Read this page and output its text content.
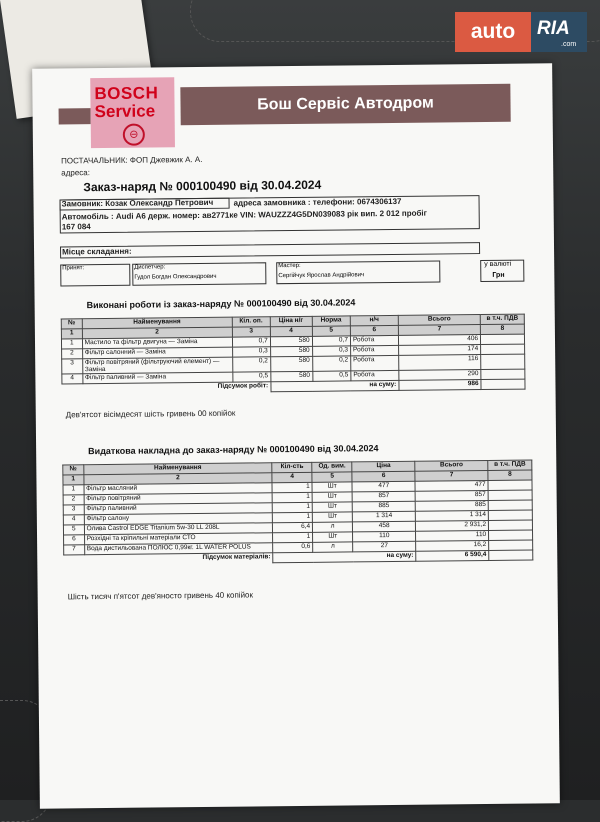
auto	RIA
.com
BOSCH
Service
⊖
Бош Сервіс Автодром
ПОСТАЧАЛЬНИК: ФОП Джевжик А. А.
адреса:
Заказ-наряд № 000100490 від 30.04.2024
Замовник: Козак Олександр Петрович	адреса замовника : телефони: 0674306137
Автомобіль : Audi A6 держ. номер: ав2771ке VIN: WAUZZZ4G5DN039083 рік вип. 2 012 пробіг
167 084
Місце складання:
Принят:	Диспетчер:
Гудол Богдан Олександрович
Мастер:
Сергійчук Ярослав Андрійович
у валюті
Грн
Виконані роботи із заказ-наряду № 000100490 від 30.04.2024
№	Найменування	Кіл. оп.	Ціна н/г	Норма	н/ч	Всього	в т.ч. ПДВ
1	2	3	4	5	6	7	8
1	Мастило та фільтр двигуна — Заміна	0,7	580	0,7	Робота	406	
2	Фільтр салонний — Заміна	0,3	580	0,3	Робота	174	
3	Фільтр повітряний (фільтруючий елемент) — Заміна	0,2	580	0,2	Робота	116	
4	Фільтр паливний — Заміна	0,5	580	0,5	Робота	290	
Підсумок робіт:			на суму:			986	
Дев'ятсот вісімдесят шість гривень 00 копійок
Видаткова накладна до заказ-наряду № 000100490 від 30.04.2024
№	Найменування	Кіл-сть	Од. вим.	Ціна	Всього	в т.ч. ПДВ
1	2	4	5	6	7	8
1	Фільтр масляний	1	Шт	477	477	
2	Фільтр повітряний	1	Шт	857	857	
3	Фільтр паливний	1	Шт	885	885	
4	Фільтр салону	1	Шт	1 314	1 314	
5	Олива Castrol EDGE Titanium 5w-30 LL 208L	6,4	л	458	2 931,2	
6	Розхідні та кріпильні матеріали СТО	1	Шт	110	110	
7	Вода дистильована ПОЛЮС 0,99кг. 1L WATER POLUS	0,6	л	27	16,2	
Підсумок матеріалів:		на суму:			6 590,4	
Шість тисяч п'ятсот дев'яносто гривень 40 копійок
